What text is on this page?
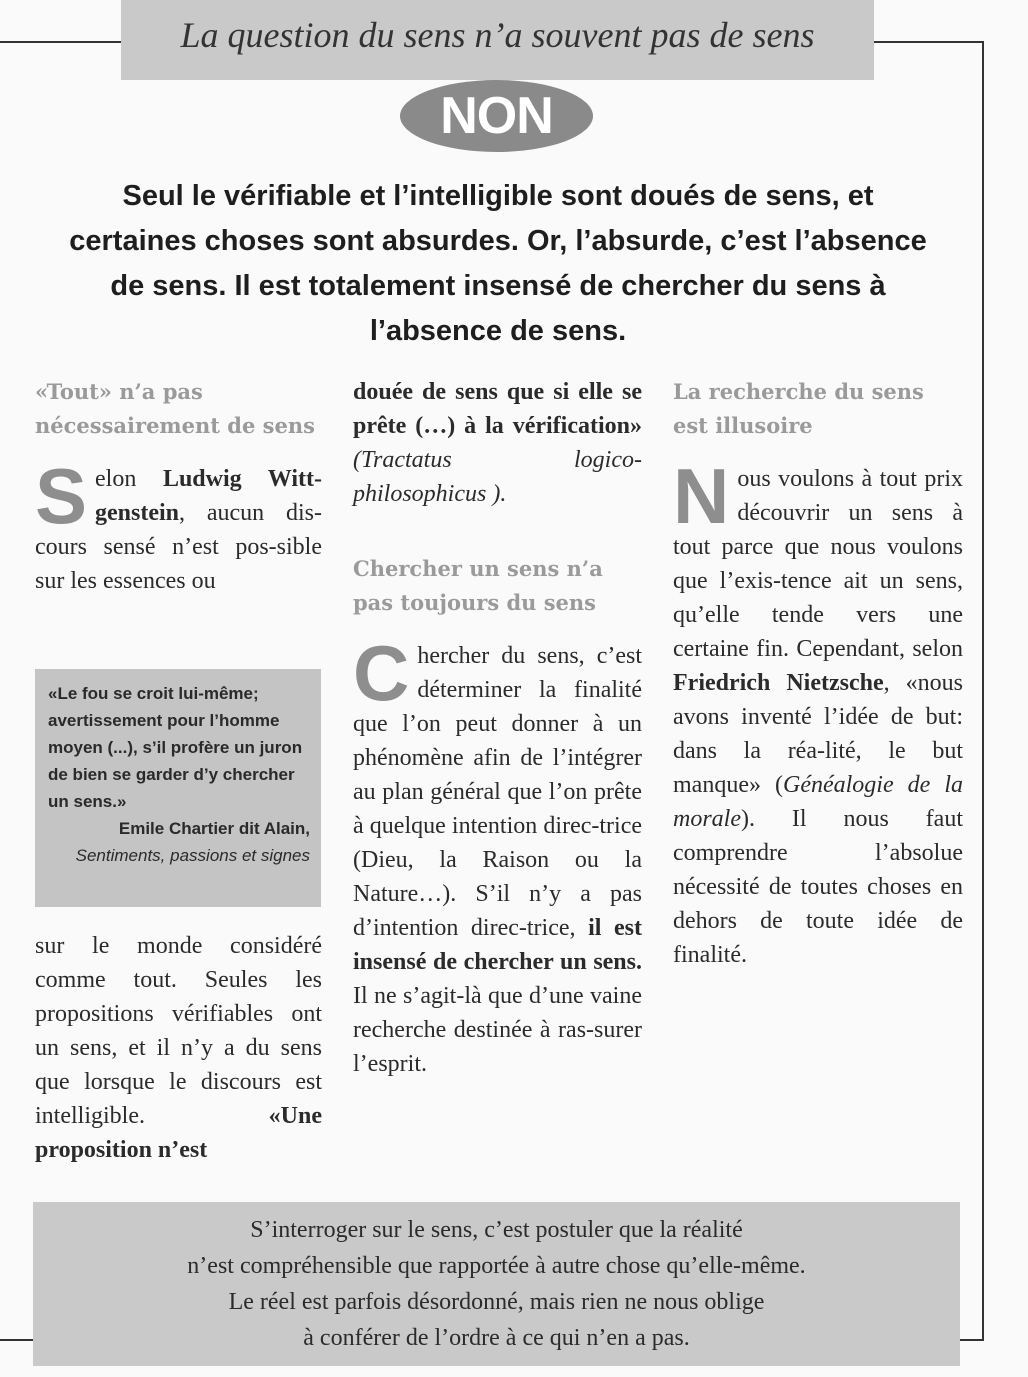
La question du sens n’a souvent pas de sens
NON
Seul le vérifiable et l’intelligible sont doués de sens, et certaines choses sont absurdes. Or, l’absurde, c’est l’absence de sens. Il est totalement insensé de chercher du sens à l’absence de sens.

«Tout» n’a pas nécessairement de sens

Selon Ludwig Witt-genstein, aucun dis-cours sensé n’est pos-sible sur les essences ou

«Le fou se croit lui-même; avertissement pour l’homme moyen (...), s’il profère un juron de bien se garder d’y chercher un sens.»
Emile Chartier dit Alain,
Sentiments, passions et signes

sur le monde considéré comme tout. Seules les propositions vérifiables ont un sens, et il n’y a du sens que lorsque le discours est intelligible. «Une proposition n’est

douée de sens que si elle se prête (…) à la vérification» (Tractatus logico-philosophicus ).

Chercher un sens n’a pas toujours du sens

Chercher du sens, c’est déterminer la finalité que l’on peut donner à un phénomène afin de l’intégrer au plan général que l’on prête à quelque intention direc-trice (Dieu, la Raison ou la Nature…). S’il n’y a pas d’intention direc-trice, il est insensé de chercher un sens. Il ne s’agit-là que d’une vaine recherche destinée à ras-surer l’esprit.

La recherche du sens est illusoire

Nous voulons à tout prix découvrir un sens à tout parce que nous voulons que l’exis-tence ait un sens, qu’elle tende vers une certaine fin. Cependant, selon Friedrich Nietzsche, «nous avons inventé l’idée de but: dans la réa-lité, le but manque» (Généalogie de la morale). Il nous faut comprendre l’absolue nécessité de toutes choses en dehors de toute idée de finalité.

S’interroger sur le sens, c’est postuler que la réalité
n’est compréhensible que rapportée à autre chose qu’elle-même.
Le réel est parfois désordonné, mais rien ne nous oblige
à conférer de l’ordre à ce qui n’en a pas.
